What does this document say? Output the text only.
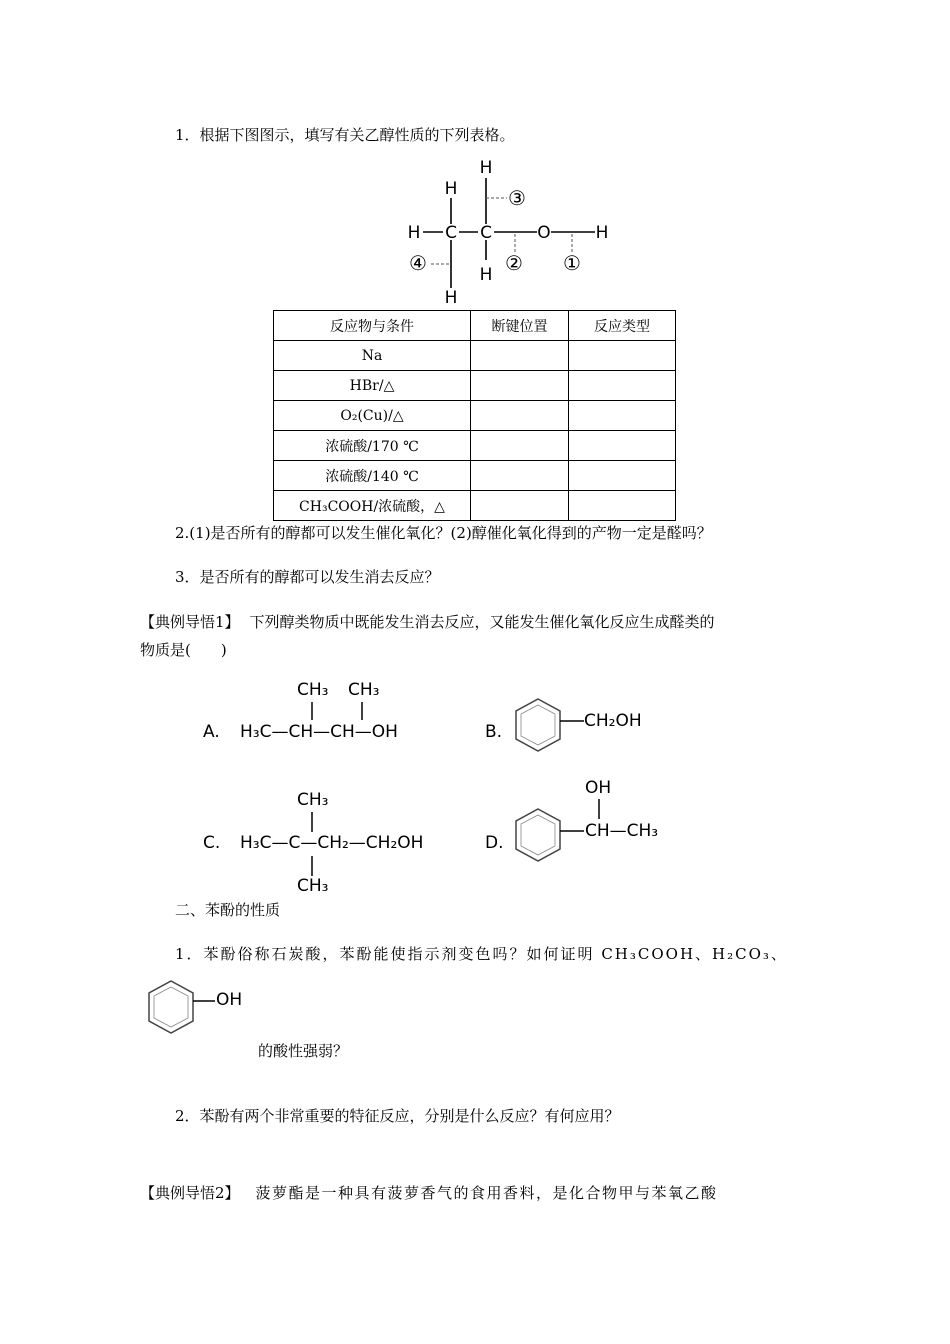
1．根据下图图示，填写有关乙醇性质的下列表格。
H
H
H C C	O	H
H
H
③
② ①
④
反应物与条件	断键位置	反应类型
Na		
HBr/△		
O₂(Cu)/△		
浓硫酸/170 ℃		
浓硫酸/140 ℃		
CH₃COOH/浓硫酸，△		
2.(1)是否所有的醇都可以发生催化氧化？(2)醇催化氧化得到的产物一定是醛吗？
3．是否所有的醇都可以发生消去反应？
【典例导悟1】 下列醇类物质中既能发生消去反应，又能发生催化氧化反应生成醛类的
物质是(　　)
A.
CH₃ CH₃
H₃C—CH—CH—OH	B.
CH₂OH
C.
CH₃
H₃C—C—CH₂—CH₂OH
CH₃
D.
OH
CH—CH₃
二、苯酚的性质
1．苯酚俗称石炭酸，苯酚能使指示剂变色吗？如何证明 CH₃COOH、H₂CO₃、
OH
的酸性强弱？
2．苯酚有两个非常重要的特征反应，分别是什么反应？有何应用？
【典例导悟2】 菠萝酯是一种具有菠萝香气的食用香料，是化合物甲与苯氧乙酸
